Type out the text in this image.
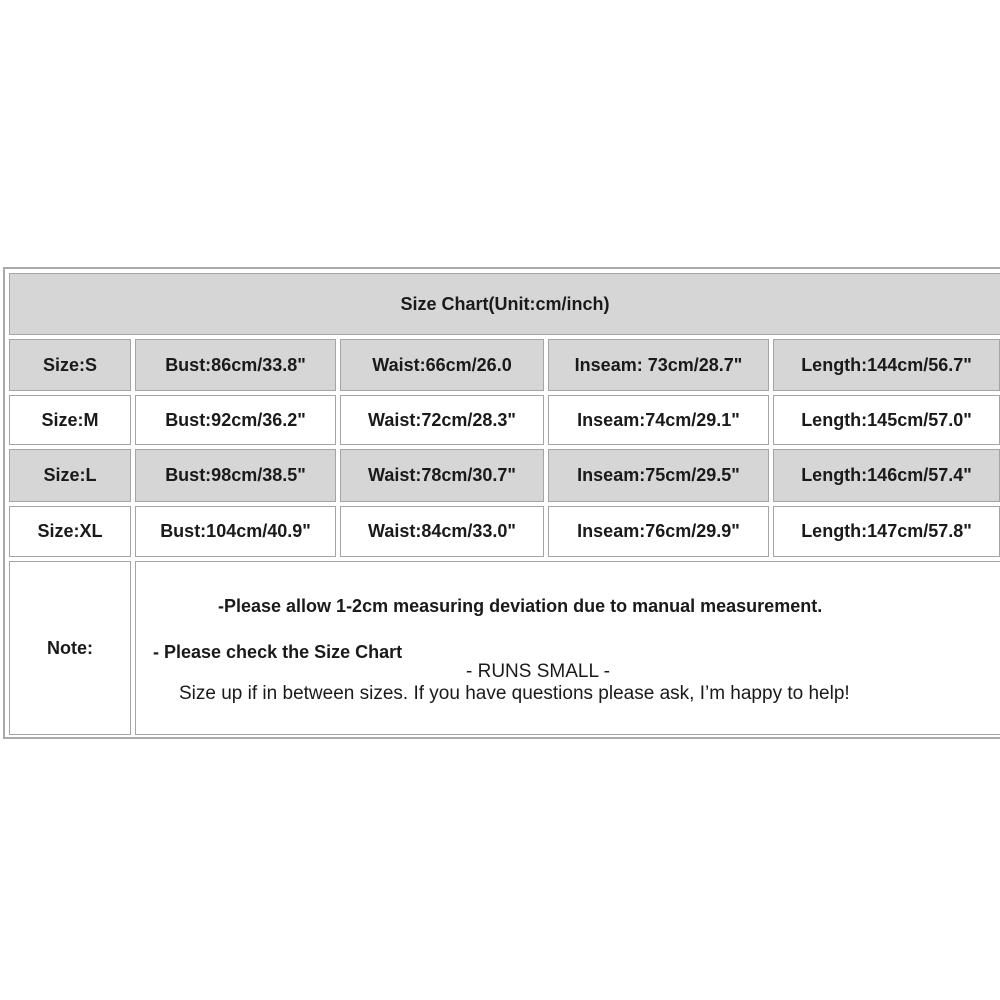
Size Chart(Unit:cm/inch)
Size:S	Bust:86cm/33.8"	Waist:66cm/26.0	Inseam: 73cm/28.7"	Length:144cm/56.7"
Size:M	Bust:92cm/36.2"	Waist:72cm/28.3"	Inseam:74cm/29.1"	Length:145cm/57.0"
Size:L	Bust:98cm/38.5"	Waist:78cm/30.7"	Inseam:75cm/29.5"	Length:146cm/57.4"
Size:XL	Bust:104cm/40.9"	Waist:84cm/33.0"	Inseam:76cm/29.9"	Length:147cm/57.8"
Note:
-Please allow 1-2cm measuring deviation due to manual measurement.
- Please check the Size Chart
- RUNS SMALL -
Size up if in between sizes. If you have questions please ask, I’m happy to help!
